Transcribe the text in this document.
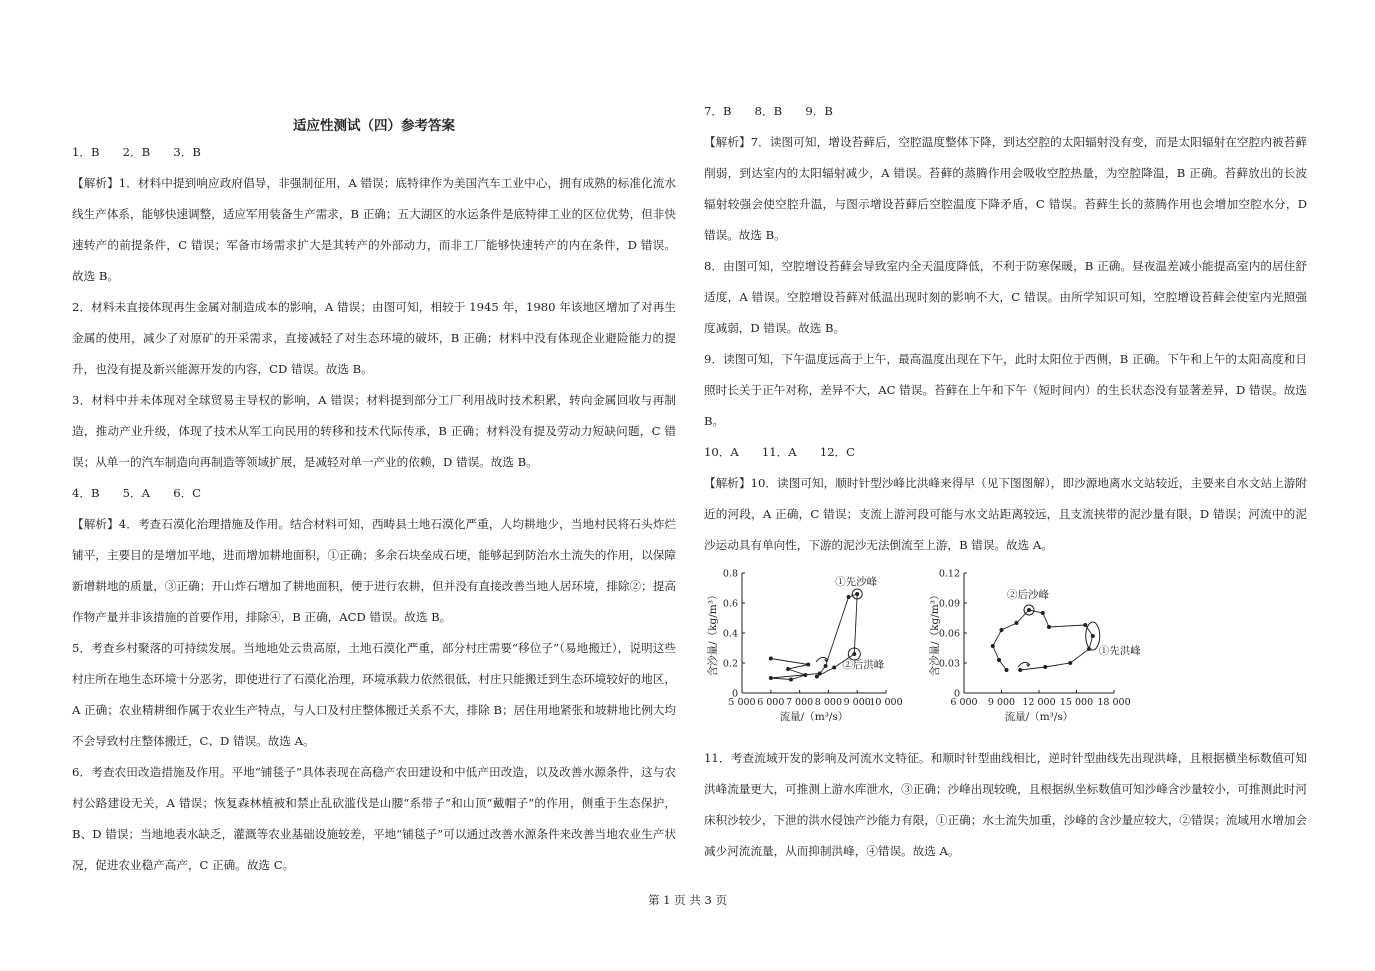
适应性测试（四）参考答案

1．B　　2．B　　3．B

【解析】1．材料中提到响应政府倡导，非强制征用，A 错误；底特律作为美国汽车工业中心，拥有成熟的标准化流水线生产体系，能够快速调整，适应军用装备生产需求，B 正确；五大湖区的水运条件是底特律工业的区位优势，但非快速转产的前提条件，C 错误；军备市场需求扩大是其转产的外部动力，而非工厂能够快速转产的内在条件，D 错误。故选 B。

2．材料未直接体现再生金属对制造成本的影响，A 错误；由图可知，相较于 1945 年，1980 年该地区增加了对再生金属的使用，减少了对原矿的开采需求，直接减轻了对生态环境的破坏，B 正确；材料中没有体现企业避险能力的提升，也没有提及新兴能源开发的内容，CD 错误。故选 B。

3．材料中并未体现对全球贸易主导权的影响，A 错误；材料提到部分工厂利用战时技术积累，转向金属回收与再制造，推动产业升级，体现了技术从军工向民用的转移和技术代际传承，B 正确；材料没有提及劳动力短缺问题，C 错误；从单一的汽车制造向再制造等领域扩展，是减轻对单一产业的依赖，D 错误。故选 B。

4．B　　5．A　　6．C

【解析】4．考查石漠化治理措施及作用。结合材料可知，西畴县土地石漠化严重，人均耕地少，当地村民将石头炸烂铺平，主要目的是增加平地，进而增加耕地面积，①正确；多余石块垒成石埂，能够起到防治水土流失的作用，以保障新增耕地的质量，③正确；开山炸石增加了耕地面积，便于进行农耕，但并没有直接改善当地人居环境，排除②；提高作物产量并非该措施的首要作用，排除④，B 正确，ACD 错误。故选 B。

5．考查乡村聚落的可持续发展。当地地处云贵高原，土地石漠化严重，部分村庄需要“移位子”（易地搬迁），说明这些村庄所在地生态环境十分恶劣，即使进行了石漠化治理，环境承载力依然很低，村庄只能搬迁到生态环境较好的地区，A 正确；农业精耕细作属于农业生产特点，与人口及村庄整体搬迁关系不大，排除 B；居住用地紧张和坡耕地比例大均不会导致村庄整体搬迁，C、D 错误。故选 A。

6．考查农田改造措施及作用。平地“铺毯子”具体表现在高稳产农田建设和中低产田改造，以及改善水源条件，这与农村公路建设无关，A 错误；恢复森林植被和禁止乱砍滥伐是山腰“系带子”和山顶“戴帽子”的作用，侧重于生态保护，B、D 错误；当地地表水缺乏，灌溉等农业基础设施较差，平地“铺毯子”可以通过改善水源条件来改善当地农业生产状况，促进农业稳产高产，C 正确。故选 C。

7．B　　8．B　　9．B

【解析】7．读图可知，增设苔藓后，空腔温度整体下降，到达空腔的太阳辐射没有变，而是太阳辐射在空腔内被苔藓削弱，到达室内的太阳辐射减少，A 错误。苔藓的蒸腾作用会吸收空腔热量，为空腔降温，B 正确。苔藓放出的长波辐射较强会使空腔升温，与图示增设苔藓后空腔温度下降矛盾，C 错误。苔藓生长的蒸腾作用也会增加空腔水分，D 错误。故选 B。

8．由图可知，空腔增设苔藓会导致室内全天温度降低，不利于防寒保暖，B 正确。昼夜温差减小能提高室内的居住舒适度，A 错误。空腔增设苔藓对低温出现时刻的影响不大，C 错误。由所学知识可知，空腔增设苔藓会使室内光照强度减弱，D 错误。故选 B。

9．读图可知，下午温度远高于上午，最高温度出现在下午，此时太阳位于西侧，B 正确。下午和上午的太阳高度和日照时长关于正午对称，差异不大，AC 错误。苔藓在上午和下午（短时间内）的生长状态没有显著差异，D 错误。故选 B。

10．A　　11．A　　12．C

【解析】10．读图可知，顺时针型沙峰比洪峰来得早（见下图图解），即沙源地离水文站较近，主要来自水文站上游附近的河段，A 正确，C 错误；支流上游河段可能与水文站距离较远，且支流挟带的泥沙量有限，D 错误；河流中的泥沙运动具有单向性，下游的泥沙无法倒流至上游，B 错误。故选 A。

5 000 6 000 7 000 8 000 9 000
10 000
0
0.2
0.4
0.6
0.8
流量/（m³/s）
含沙量/（kg/m³）
①先沙峰
②后洪峰
6 000 9 000 12 000 15 000 18 000
0
0.03
0.06
0.09
0.12
流量/（m³/s）
含沙量/（kg/m³）	②后沙峰
①先洪峰

11．考查流域开发的影响及河流水文特征。和顺时针型曲线相比，逆时针型曲线先出现洪峰，且根据横坐标数值可知洪峰流量更大，可推测上游水库泄水，③正确；沙峰出现较晚，且根据纵坐标数值可知沙峰含沙量较小，可推测此时河床积沙较少，下泄的洪水侵蚀产沙能力有限，①正确；水土流失加重，沙峰的含沙量应较大，②错误；流域用水增加会减少河流流量，从而抑制洪峰，④错误。故选 A。

第 1 页 共 3 页
